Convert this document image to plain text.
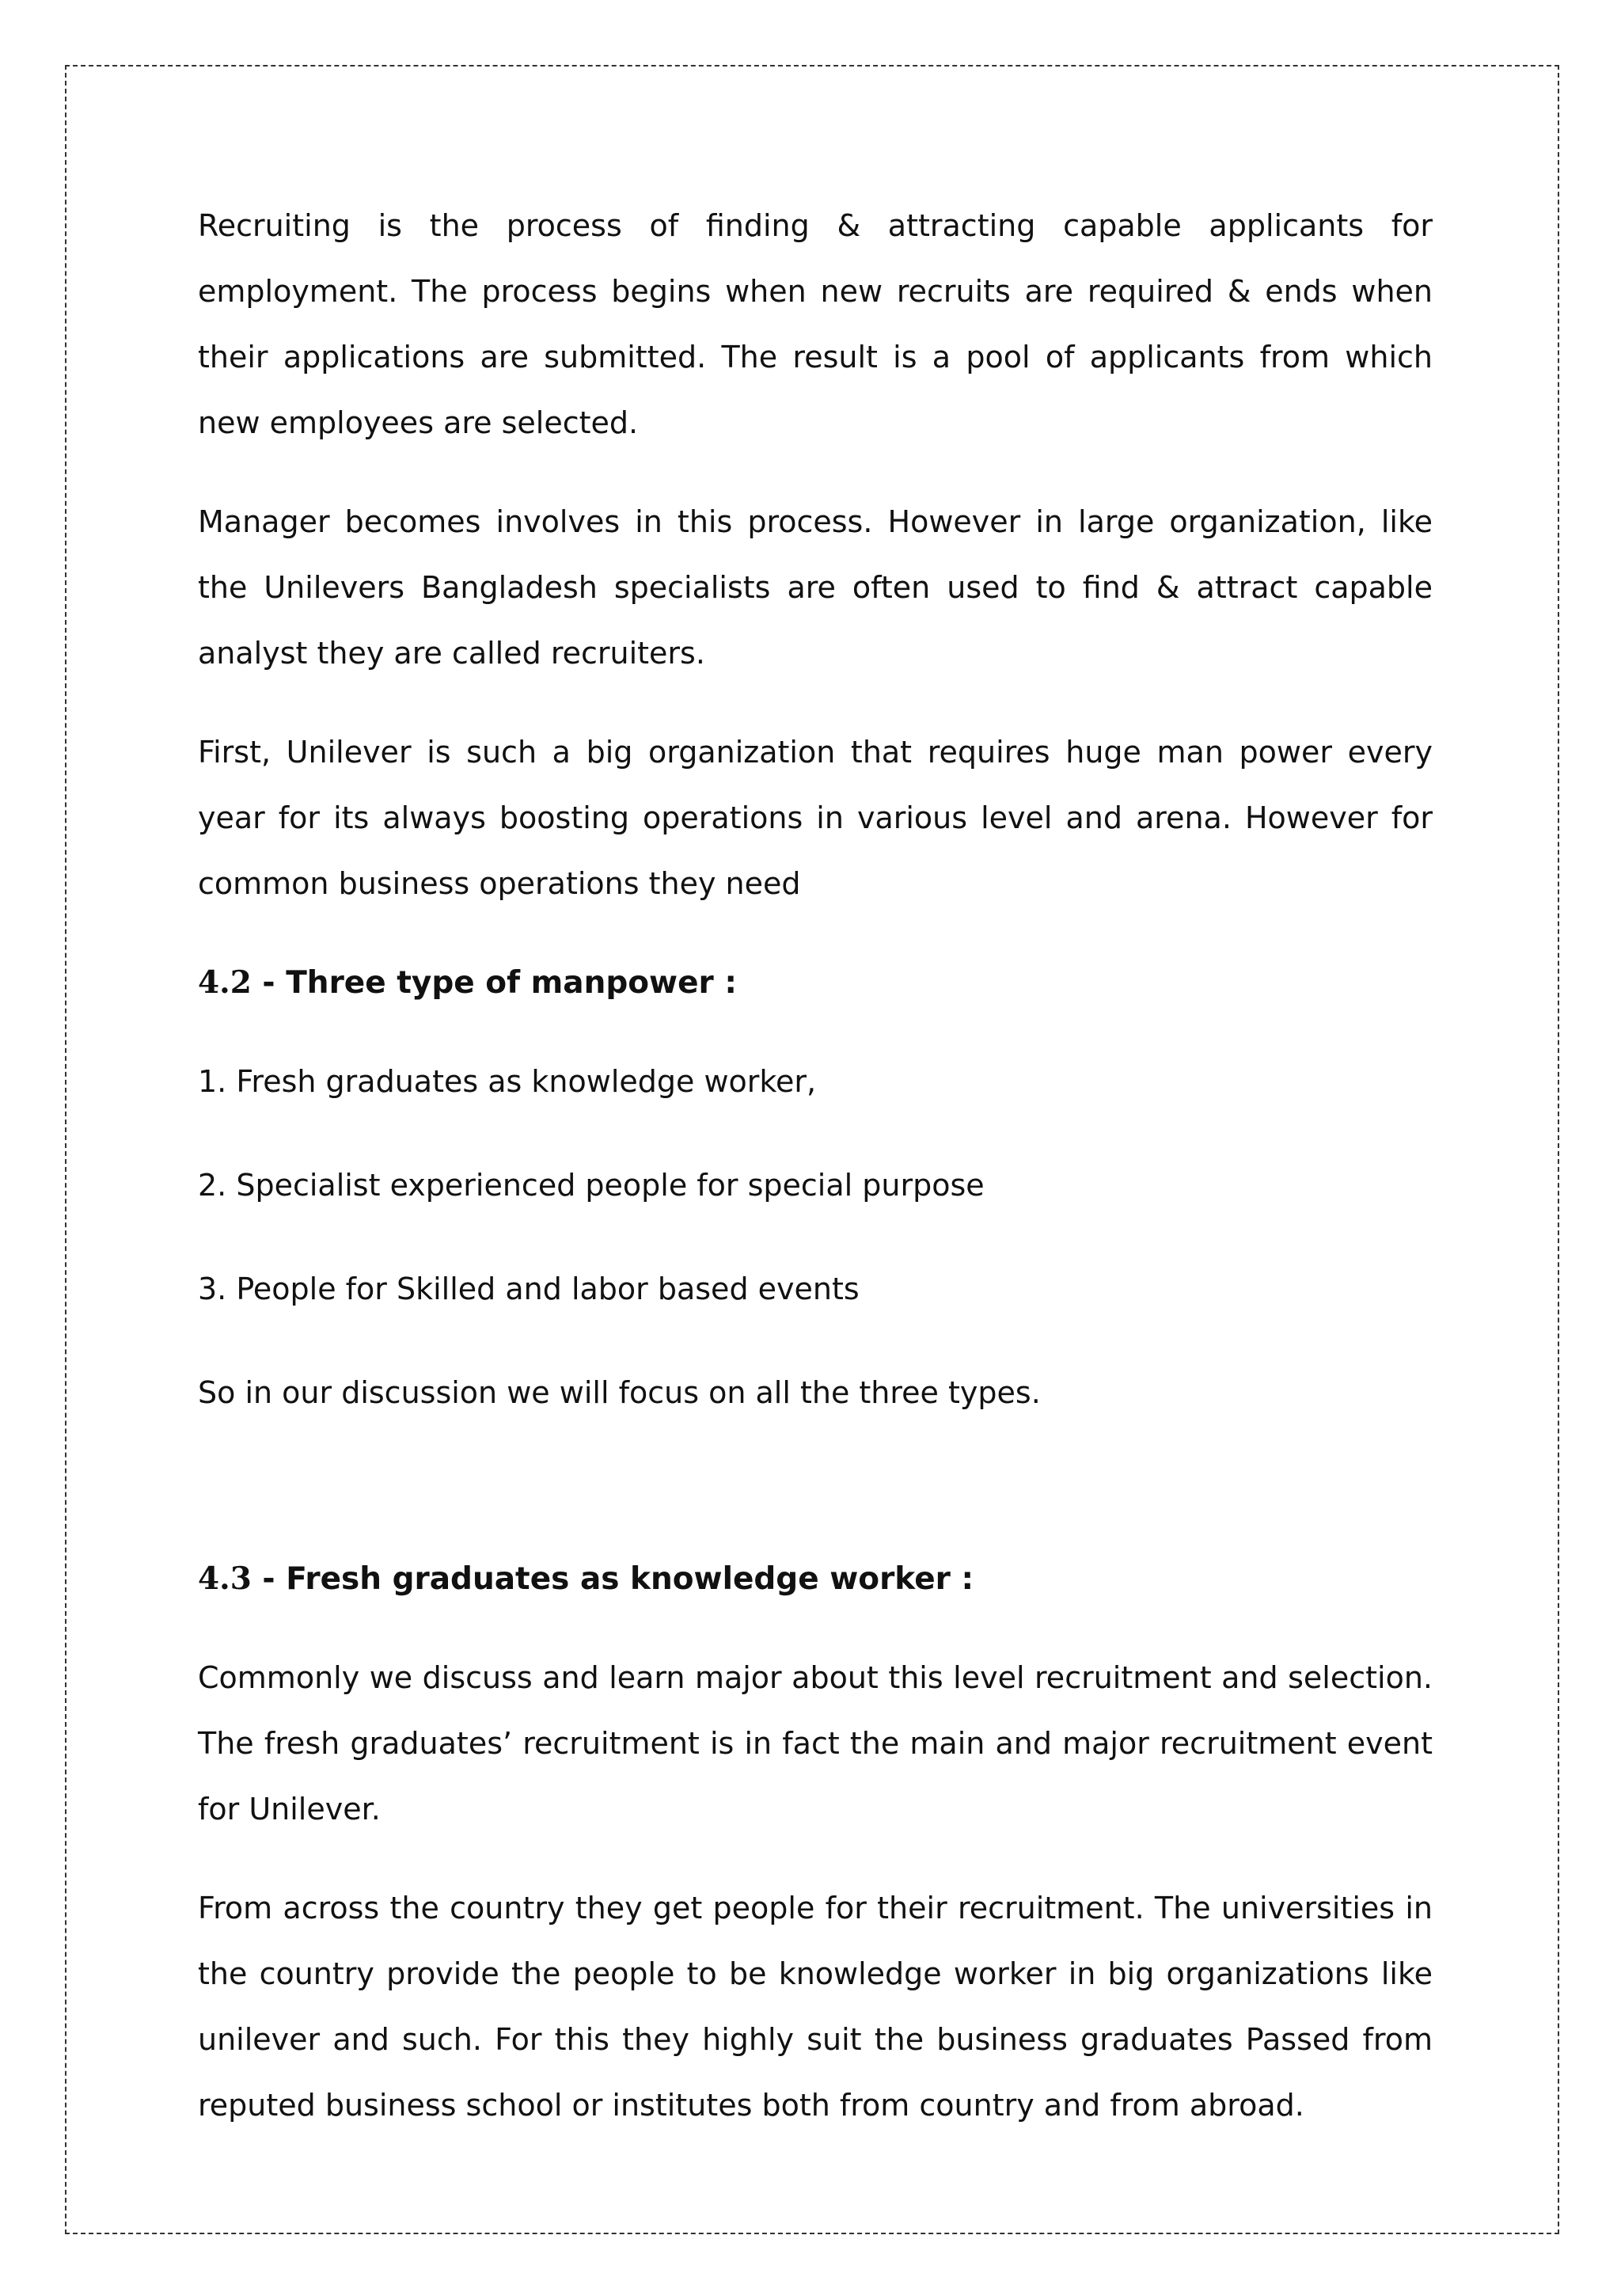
Recruiting is the process of finding & attracting capable applicants for employment. The process begins when new recruits are required & ends when their applications are submitted. The result is a pool of applicants from which new employees are selected.

Manager becomes involves in this process. However in large organization, like the Unilevers Bangladesh specialists are often used to find & attract capable analyst they are called recruiters.

First, Unilever is such a big organization that requires huge man power every year for its always boosting operations in various level and arena. However for common business operations they need

4.2 - Three type of manpower :
1. Fresh graduates as knowledge worker,
2. Specialist experienced people for special purpose
3. People for Skilled and labor based events

So in our discussion we will focus on all the three types.

4.3 - Fresh graduates as knowledge worker :

Commonly we discuss and learn major about this level recruitment and selection. The fresh graduates’ recruitment is in fact the main and major recruitment event for Unilever.

From across the country they get people for their recruitment. The universities in the country provide the people to be knowledge worker in big organizations like unilever and such. For this they highly suit the business graduates Passed from reputed business school or institutes both from country and from abroad.
